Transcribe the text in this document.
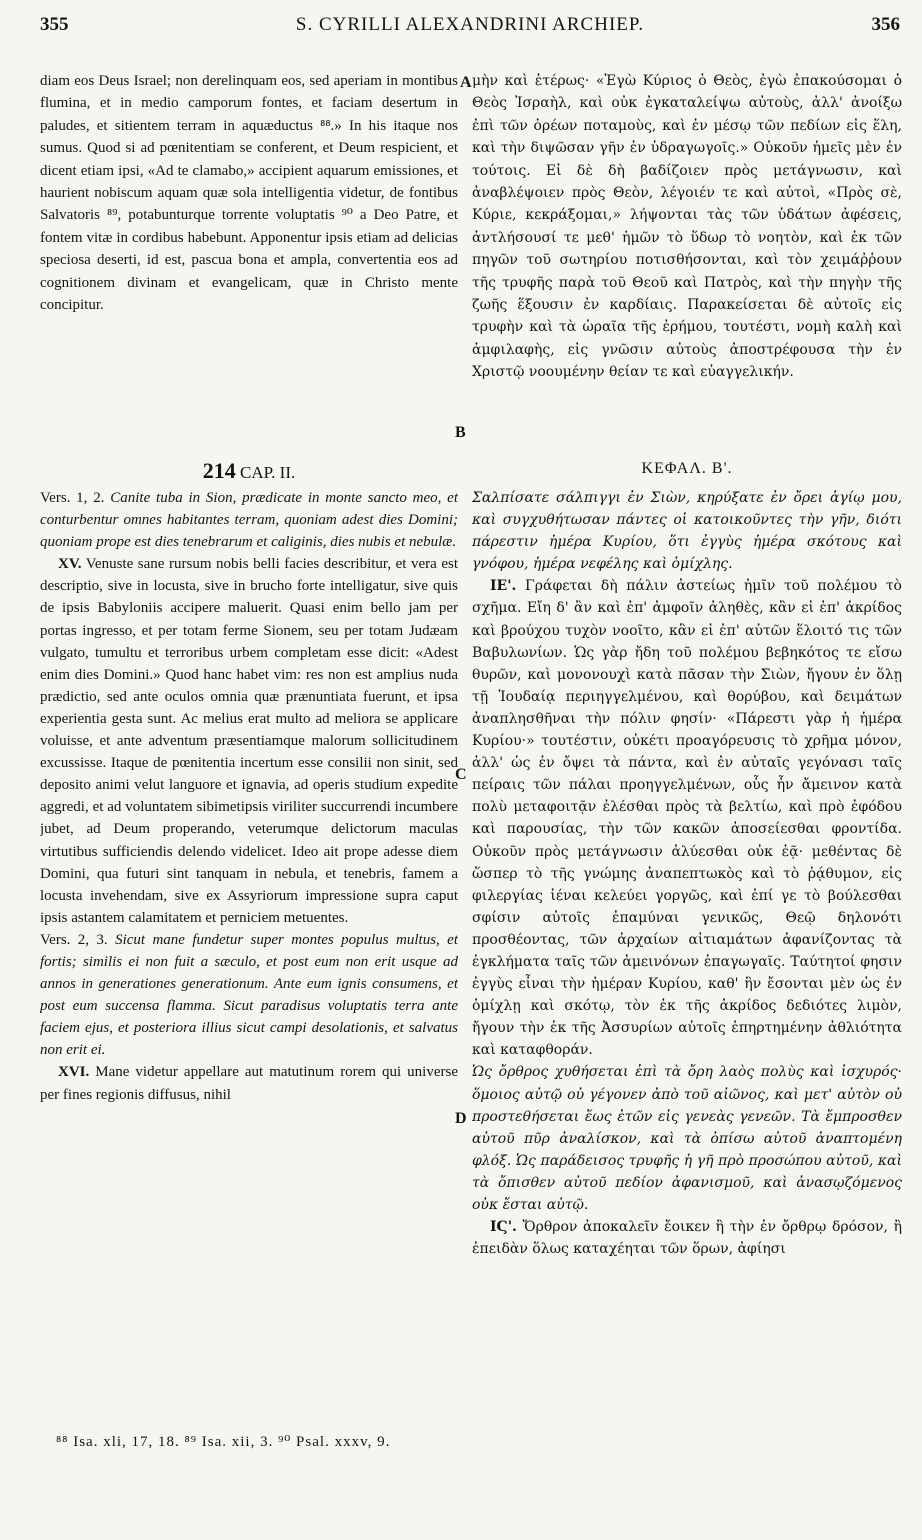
355	S. CYRILLI ALEXANDRINI ARCHIEP.	356
A
B
C
D

diam eos Deus Israel; non derelinquam eos, sed aperiam in montibus flumina, et in medio camporum fontes, et faciam desertum in paludes, et sitientem terram in aquæductus ⁸⁸.» In his itaque nos sumus. Quod si ad pœnitentiam se conferent, et Deum respicient, et dicent etiam ipsi, «Ad te clamabo,» accipient aquarum emissiones, et haurient nobiscum aquam quæ sola intelligentia videtur, de fontibus Salvatoris ⁸⁹, potabunturque torrente voluptatis ⁹⁰ a Deo Patre, et fontem vitæ in cordibus habebunt. Apponentur ipsis etiam ad delicias speciosa deserti, id est, pascua bona et ampla, convertentia eos ad cognitionem divinam et evangelicam, quæ in Christo mente concipitur.

μὴν καὶ ἑτέρως· «Ἐγὼ Κύριος ὁ Θεὸς, ἐγὼ ἐπακούσομαι ὁ Θεὸς Ἰσραὴλ, καὶ οὐκ ἐγκαταλείψω αὐτοὺς, ἀλλ' ἀνοίξω ἐπὶ τῶν ὀρέων ποταμοὺς, καὶ ἐν μέσῳ τῶν πεδίων εἰς ἕλη, καὶ τὴν διψῶσαν γῆν ἐν ὑδραγωγοῖς.» Οὐκοῦν ἡμεῖς μὲν ἐν τούτοις. Εἰ δὲ δὴ βαδίζοιεν πρὸς μετάγνωσιν, καὶ ἀναβλέψοιεν πρὸς Θεὸν, λέγοιέν τε καὶ αὐτοὶ, «Πρὸς σὲ, Κύριε, κεκράξομαι,» λήψονται τὰς τῶν ὑδάτων ἀφέσεις, ἀντλήσουσί τε μεθ' ἡμῶν τὸ ὕδωρ τὸ νοητὸν, καὶ ἐκ τῶν πηγῶν τοῦ σωτηρίου ποτισθήσονται, καὶ τὸν χειμάῤῥουν τῆς τρυφῆς παρὰ τοῦ Θεοῦ καὶ Πατρὸς, καὶ τὴν πηγὴν τῆς ζωῆς ἕξουσιν ἐν καρδίαις. Παρακείσεται δὲ αὐτοῖς εἰς τρυφὴν καὶ τὰ ὡραῖα τῆς ἐρήμου, τουτέστι, νομὴ καλὴ καὶ ἀμφιλαφὴς, εἰς γνῶσιν αὐτοὺς ἀποστρέφουσα τὴν ἐν Χριστῷ νοουμένην θείαν τε καὶ εὐαγγελικήν.

214 CAP. II.	ΚΕΦΑΛ. Β'.

Vers. 1, 2. Canite tuba in Sion, prædicate in monte sancto meo, et conturbentur omnes habitantes terram, quoniam adest dies Domini; quoniam prope est dies tenebrarum et caliginis, dies nubis et nebulæ.

XV. Venuste sane rursum nobis belli facies describitur, et vera est descriptio, sive in locusta, sive in brucho forte intelligatur, sive quis de ipsis Babyloniis accipere maluerit. Quasi enim bello jam per portas ingresso, et per totam ferme Sionem, seu per totam Judæam vulgato, tumultu et terroribus urbem completam esse dicit: «Adest enim dies Domini.» Quod hanc habet vim: res non est amplius nuda prædictio, sed ante oculos omnia quæ prænuntiata fuerunt, et ipsa experientia gesta sunt. Ac melius erat multo ad meliora se applicare voluisse, et ante adventum præsentiamque malorum sollicitudinem excussisse. Itaque de pœnitentia incertum esse consilii non sinit, sed deposito animi velut languore et ignavia, ad operis studium expedite aggredi, et ad voluntatem sibimetipsis viriliter succurrendi incumbere jubet, ad Deum properando, veterumque delictorum maculas virtutibus sufficiendis delendo videlicet. Ideo ait prope adesse diem Domini, qua futuri sint tanquam in nebula, et tenebris, famem a locusta invehendam, sive ex Assyriorum impressione supra caput ipsis astantem calamitatem et perniciem metuentes.

Vers. 2, 3. Sicut mane fundetur super montes populus multus, et fortis; similis ei non fuit a sæculo, et post eum non erit usque ad annos in generationes generationum. Ante eum ignis consumens, et post eum succensa flamma. Sicut paradisus voluptatis terra ante faciem ejus, et posteriora illius sicut campi desolationis, et salvatus non erit ei.

XVI. Mane videtur appellare aut matutinum rorem qui universe per fines regionis diffusus, nihil

Σαλπίσατε σάλπιγγι ἐν Σιὼν, κηρύξατε ἐν ὄρει ἁγίῳ μου, καὶ συγχυθήτωσαν πάντες οἱ κατοικοῦντες τὴν γῆν, διότι πάρεστιν ἡμέρα Κυρίου, ὅτι ἐγγὺς ἡμέρα σκότους καὶ γνόφου, ἡμέρα νεφέλης καὶ ὁμίχλης.

ΙΕ'. Γράφεται δὴ πάλιν ἀστείως ἡμῖν τοῦ πολέμου τὸ σχῆμα. Εἴη δ' ἂν καὶ ἐπ' ἀμφοῖν ἀληθὲς, κἂν εἰ ἐπ' ἀκρίδος καὶ βρούχου τυχὸν νοοῖτο, κἂν εἰ ἐπ' αὐτῶν ἕλοιτό τις τῶν Βαβυλωνίων. Ὡς γὰρ ἤδη τοῦ πολέμου βεβηκότος τε εἴσω θυρῶν, καὶ μονονουχὶ κατὰ πᾶσαν τὴν Σιὼν, ἤγουν ἐν ὅλῃ τῇ Ἰουδαίᾳ περιηγγελμένου, καὶ θορύβου, καὶ δειμάτων ἀναπλησθῆναι τὴν πόλιν φησίν· «Πάρεστι γὰρ ἡ ἡμέρα Κυρίου·» τουτέστιν, οὐκέτι προαγόρευσις τὸ χρῆμα μόνον, ἀλλ' ὡς ἐν ὄψει τὰ πάντα, καὶ ἐν αὐταῖς γεγόνασι ταῖς πείραις τῶν πάλαι προηγγελμένων, οὗς ἦν ἄμεινον κατὰ πολὺ μεταφοιτᾷν ἐλέσθαι πρὸς τὰ βελτίω, καὶ πρὸ ἐφόδου καὶ παρουσίας, τὴν τῶν κακῶν ἀποσείεσθαι φροντίδα. Οὐκοῦν πρὸς μετάγνωσιν ἀλύεσθαι οὐκ ἐᾷ· μεθέντας δὲ ὥσπερ τὸ τῆς γνώμης ἀναπεπτωκὸς καὶ τὸ ῥᾴθυμον, εἰς φιλεργίας ἰέναι κελεύει γοργῶς, καὶ ἐπί γε τὸ βούλεσθαι σφίσιν αὐτοῖς ἐπαμύναι γενικῶς, Θεῷ δηλονότι προσθέοντας, τῶν ἀρχαίων αἰτιαμάτων ἀφανίζοντας τὰ ἐγκλήματα ταῖς τῶν ἀμεινόνων ἐπαγωγαῖς. Ταύτητοί φησιν ἐγγὺς εἶναι τὴν ἡμέραν Κυρίου, καθ' ἣν ἔσονται μὲν ὡς ἐν ὁμίχλῃ καὶ σκότῳ, τὸν ἐκ τῆς ἀκρίδος δεδιότες λιμὸν, ἤγουν τὴν ἐκ τῆς Ἀσσυρίων αὐτοῖς ἐπηρτημένην ἀθλιότητα καὶ καταφθοράν.

Ὡς ὄρθρος χυθήσεται ἐπὶ τὰ ὄρη λαὸς πολὺς καὶ ἰσχυρός· ὅμοιος αὐτῷ οὐ γέγονεν ἀπὸ τοῦ αἰῶνος, καὶ μετ' αὐτὸν οὐ προστεθήσεται ἕως ἐτῶν εἰς γενεὰς γενεῶν. Τὰ ἔμπροσθεν αὐτοῦ πῦρ ἀναλίσκον, καὶ τὰ ὀπίσω αὐτοῦ ἀναπτομένη φλόξ. Ὡς παράδεισος τρυφῆς ἡ γῆ πρὸ προσώπου αὐτοῦ, καὶ τὰ ὄπισθεν αὐτοῦ πεδίον ἀφανισμοῦ, καὶ ἀνασῳζόμενος οὐκ ἔσται αὐτῷ.

ΙϚ'. Ὄρθρον ἀποκαλεῖν ἔοικεν ἢ τὴν ἐν ὄρθρῳ δρόσον, ἢ ἐπειδὰν ὅλως καταχέηται τῶν ὅρων, ἀφίησι

⁸⁸ Isa. xli, 17, 18. ⁸⁹ Isa. xii, 3. ⁹⁰ Psal. xxxv, 9.
